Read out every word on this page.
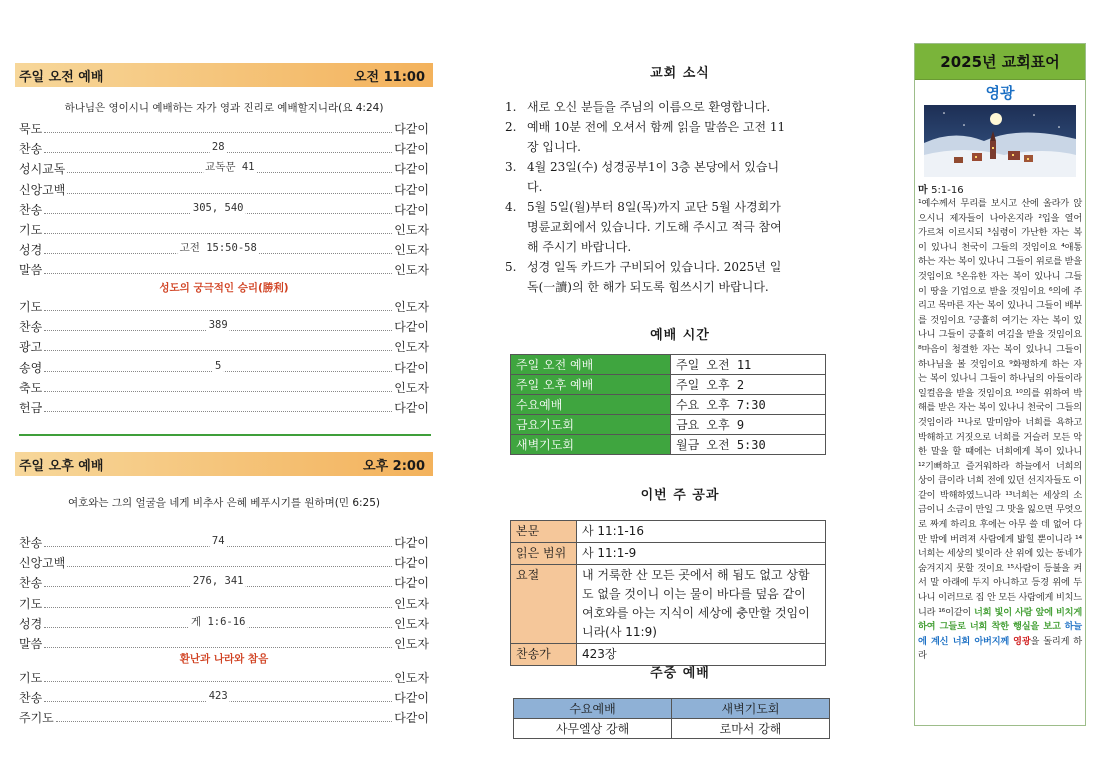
주일 오전 예배	오전 11:00
하나님은 영이시니 예배하는 자가 영과 진리로 예배할지니라(요 4:24)
묵도	다같이
찬송	28	다같이
성시교독	교독문 41	다같이
신앙고백	다같이
찬송	305, 540	다같이
기도	인도자
성경	고전 15:50-58	인도자
말씀	인도자
성도의 궁극적인 승리(勝利)
기도	인도자
찬송	389	다같이
광고	인도자
송영	5	다같이
축도	인도자
헌금	다같이
주일 오후 예배	오후 2:00
여호와는 그의 얼굴을 네게 비추사 은혜 베푸시기를 원하며(민 6:25)
찬송	74	다같이
신앙고백	다같이
찬송	276, 341	다같이
기도	인도자
성경	게 1:6-16	인도자
말씀	인도자
환난과 나라와 참음
기도	인도자
찬송	423	다같이
주기도	다같이
교회 소식
1. 새로 오신 분들을 주님의 이름으로 환영합니다.
2. 예배 10분 전에 오셔서 함께 읽을 말씀은 고전 11장 입니다.
3. 4월 23일(수) 성경공부1이 3층 본당에서 있습니다.
4. 5월 5일(월)부터 8일(목)까지 교단 5월 사경회가 명륜교회에서 있습니다. 기도해 주시고 적극 참여해 주시기 바랍니다.
5. 성경 일독 카드가 구비되어 있습니다. 2025년 일독(一讀)의 한 해가 되도록 힘쓰시기 바랍니다.
예배 시간
주일 오전 예배	주일 오전 11
주일 오후 예배	주일 오후 2
수요예배	수요 오후 7:30
금요기도회	금요 오후 9
새벽기도회	월금 오전 5:30
이번 주 공과
본문	사 11:1-16
읽은 범위	사 11:1-9
요절	내 거룩한 산 모든 곳에서 해 됨도 없고 상함도 없을 것이니 이는 물이 바다를 덮음 같이 여호와를 아는 지식이 세상에 충만할 것임이니라(사 11:9)
찬송가	423장
주중 예배
수요예배	새벽기도회
사무엘상 강해	로마서 강해
2025년 교회표어
영광
마 5:1-16
¹예수께서 무리를 보시고 산에 올라가 앉으시니 제자들이 나아온지라 ²입을 열어 가르쳐 이르시되 ³심령이 가난한 자는 복이 있나니 천국이 그들의 것임이요 ⁴애통하는 자는 복이 있나니 그들이 위로를 받을 것임이요 ⁵온유한 자는 복이 있나니 그들이 땅을 기업으로 받을 것임이요 ⁶의에 주리고 목마른 자는 복이 있나니 그들이 배부를 것임이요 ⁷긍휼히 여기는 자는 복이 있나니 그들이 긍휼히 여김을 받을 것임이요 ⁸마음이 청결한 자는 복이 있나니 그들이 하나님을 볼 것임이요 ⁹화평하게 하는 자는 복이 있나니 그들이 하나님의 아들이라 일컬음을 받을 것임이요 ¹⁰의를 위하여 박해를 받은 자는 복이 있나니 천국이 그들의 것임이라 ¹¹나로 말미암아 너희를 욕하고 박해하고 거짓으로 너희를 거슬러 모든 악한 말을 할 때에는 너희에게 복이 있나니 ¹²기뻐하고 즐거워하라 하늘에서 너희의 상이 큼이라 너희 전에 있던 선지자들도 이같이 박해하였느니라 ¹³너희는 세상의 소금이니 소금이 만일 그 맛을 잃으면 무엇으로 짜게 하리요 후에는 아무 쓸 데 없어 다만 밖에 버려져 사람에게 밟힐 뿐이니라 ¹⁴너희는 세상의 빛이라 산 위에 있는 동네가 숨겨지지 못할 것이요 ¹⁵사람이 등불을 켜서 말 아래에 두지 아니하고 등경 위에 두나니 이러므로 집 안 모든 사람에게 비치느니라 ¹⁶이같이 너희 빛이 사람 앞에 비치게 하여 그들로 너희 착한 행실을 보고 하늘에 계신 너희 아버지께 영광을 돌리게 하라
